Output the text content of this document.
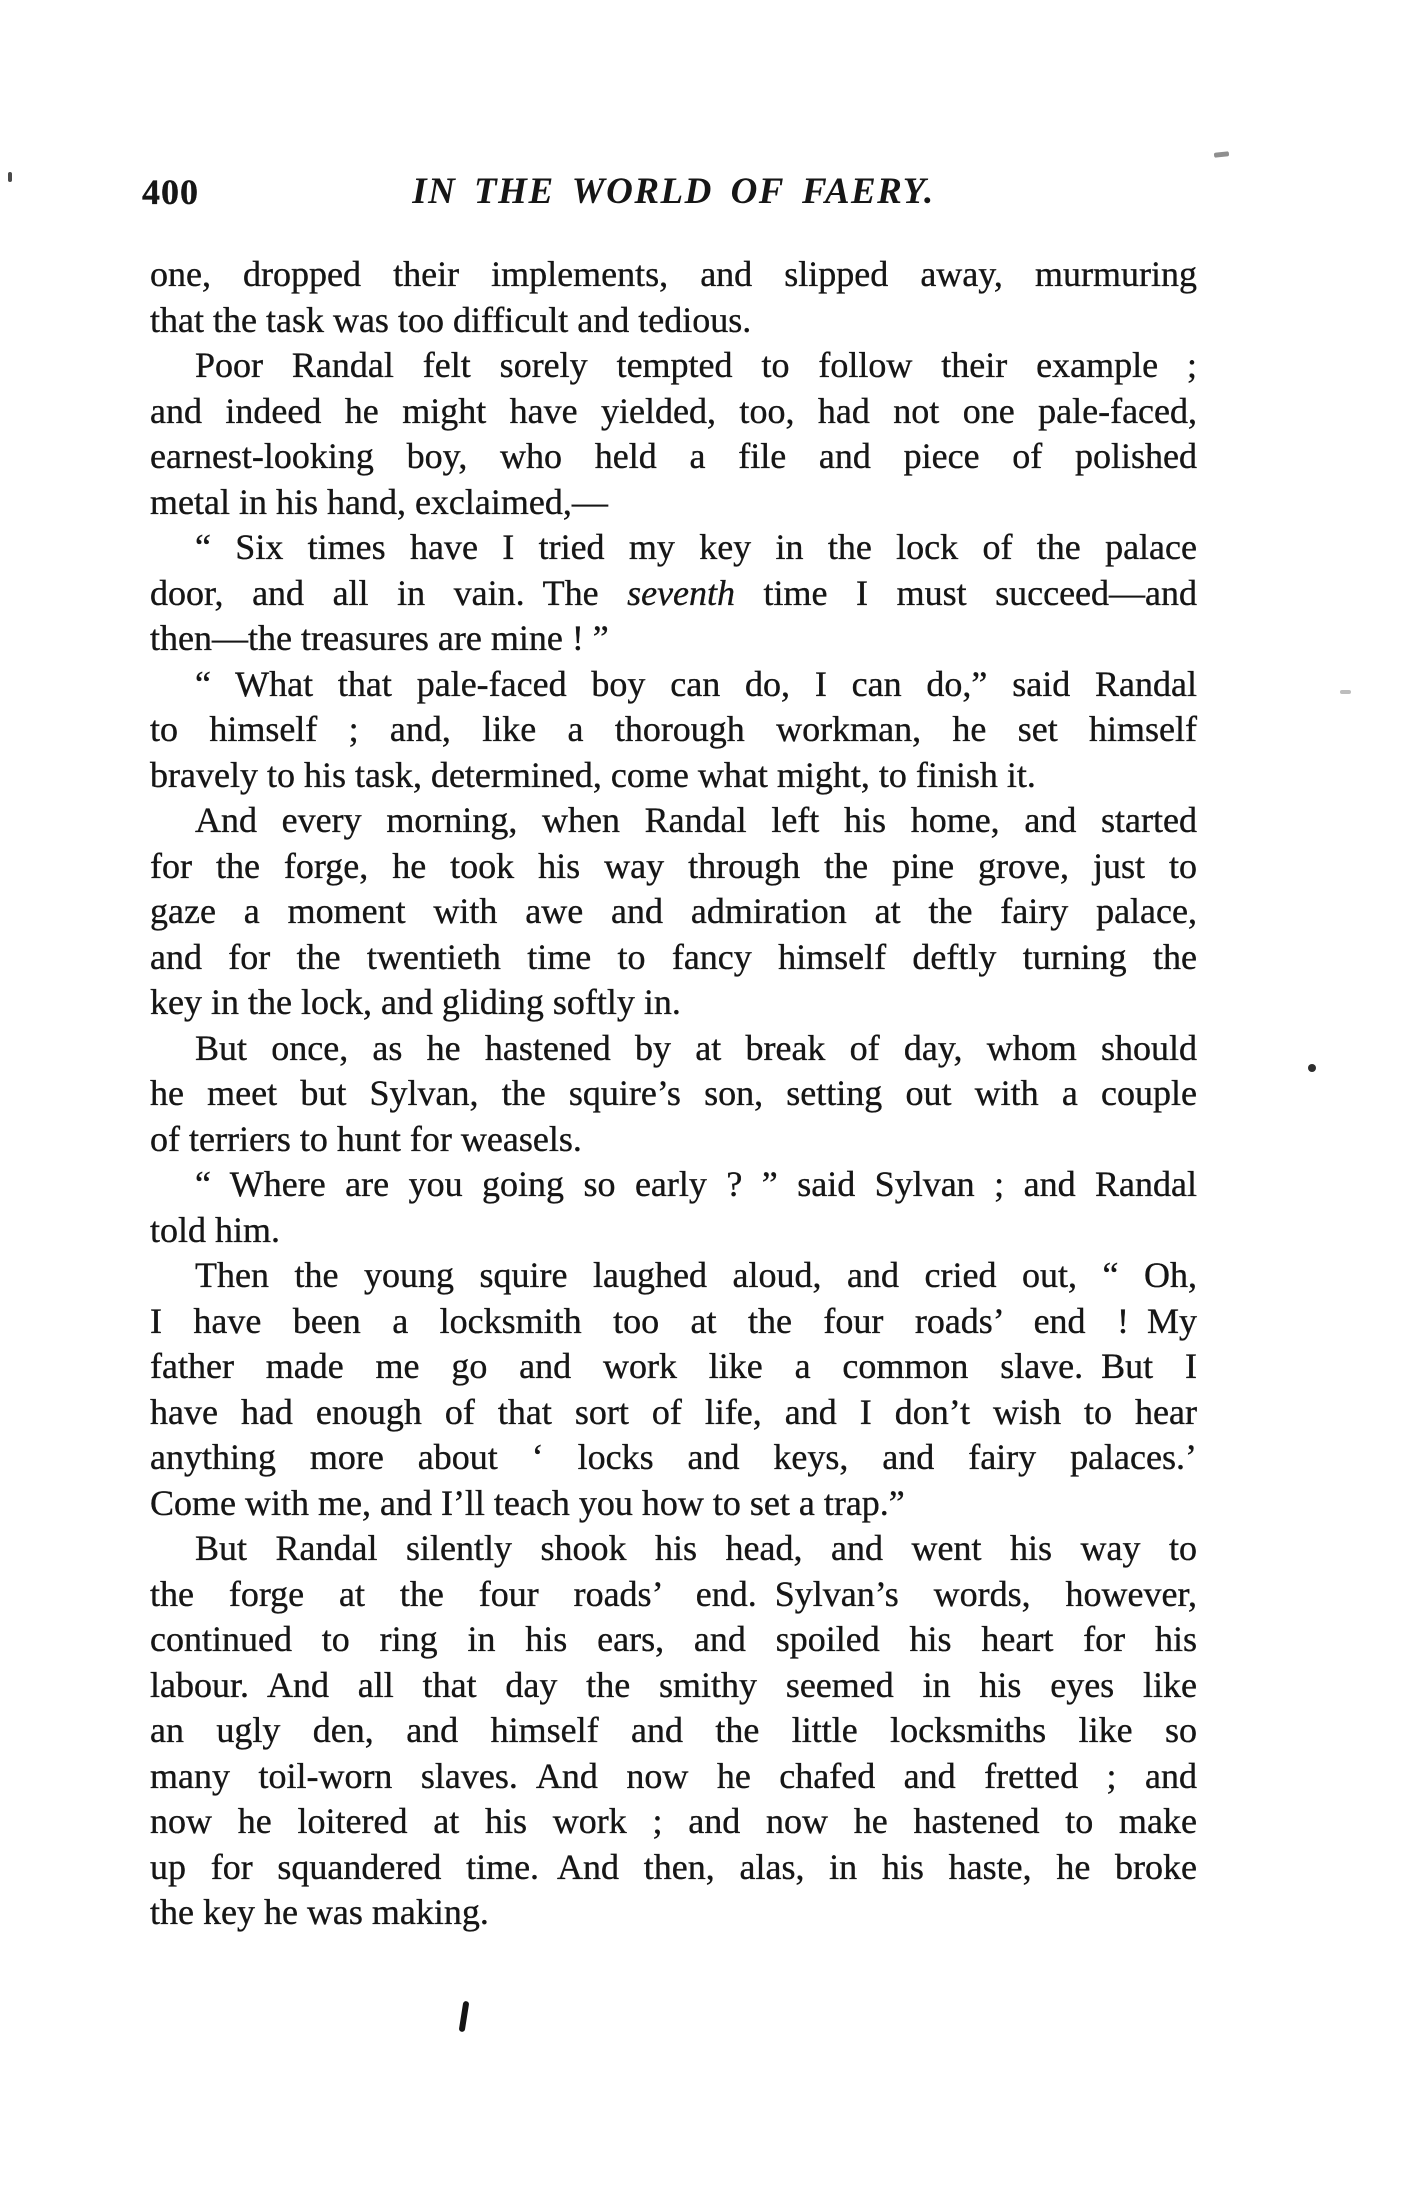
400	IN THE WORLD OF FAERY.
one, dropped their implements, and slipped away, murmuring
that the task was too difficult and tedious.
Poor Randal felt sorely tempted to follow their example ;
and indeed he might have yielded, too, had not one pale-faced,
earnest-looking boy, who held a file and piece of polished
metal in his hand, exclaimed,—
“ Six times have I tried my key in the lock of the palace
door, and all in vain. The seventh time I must succeed—and
then—the treasures are mine ! ”
“ What that pale-faced boy can do, I can do,” said Randal
to himself ; and, like a thorough workman, he set himself
bravely to his task, determined, come what might, to finish it.
And every morning, when Randal left his home, and started
for the forge, he took his way through the pine grove, just to
gaze a moment with awe and admiration at the fairy palace,
and for the twentieth time to fancy himself deftly turning the
key in the lock, and gliding softly in.
But once, as he hastened by at break of day, whom should
he meet but Sylvan, the squire’s son, setting out with a couple
of terriers to hunt for weasels.
“ Where are you going so early ? ” said Sylvan ; and Randal
told him.
Then the young squire laughed aloud, and cried out, “ Oh,
I have been a locksmith too at the four roads’ end ! My
father made me go and work like a common slave. But I
have had enough of that sort of life, and I don’t wish to hear
anything more about ‘ locks and keys, and fairy palaces.’
Come with me, and I’ll teach you how to set a trap.”
But Randal silently shook his head, and went his way to
the forge at the four roads’ end. Sylvan’s words, however,
continued to ring in his ears, and spoiled his heart for his
labour. And all that day the smithy seemed in his eyes like
an ugly den, and himself and the little locksmiths like so
many toil-worn slaves. And now he chafed and fretted ; and
now he loitered at his work ; and now he hastened to make
up for squandered time. And then, alas, in his haste, he broke
the key he was making.
